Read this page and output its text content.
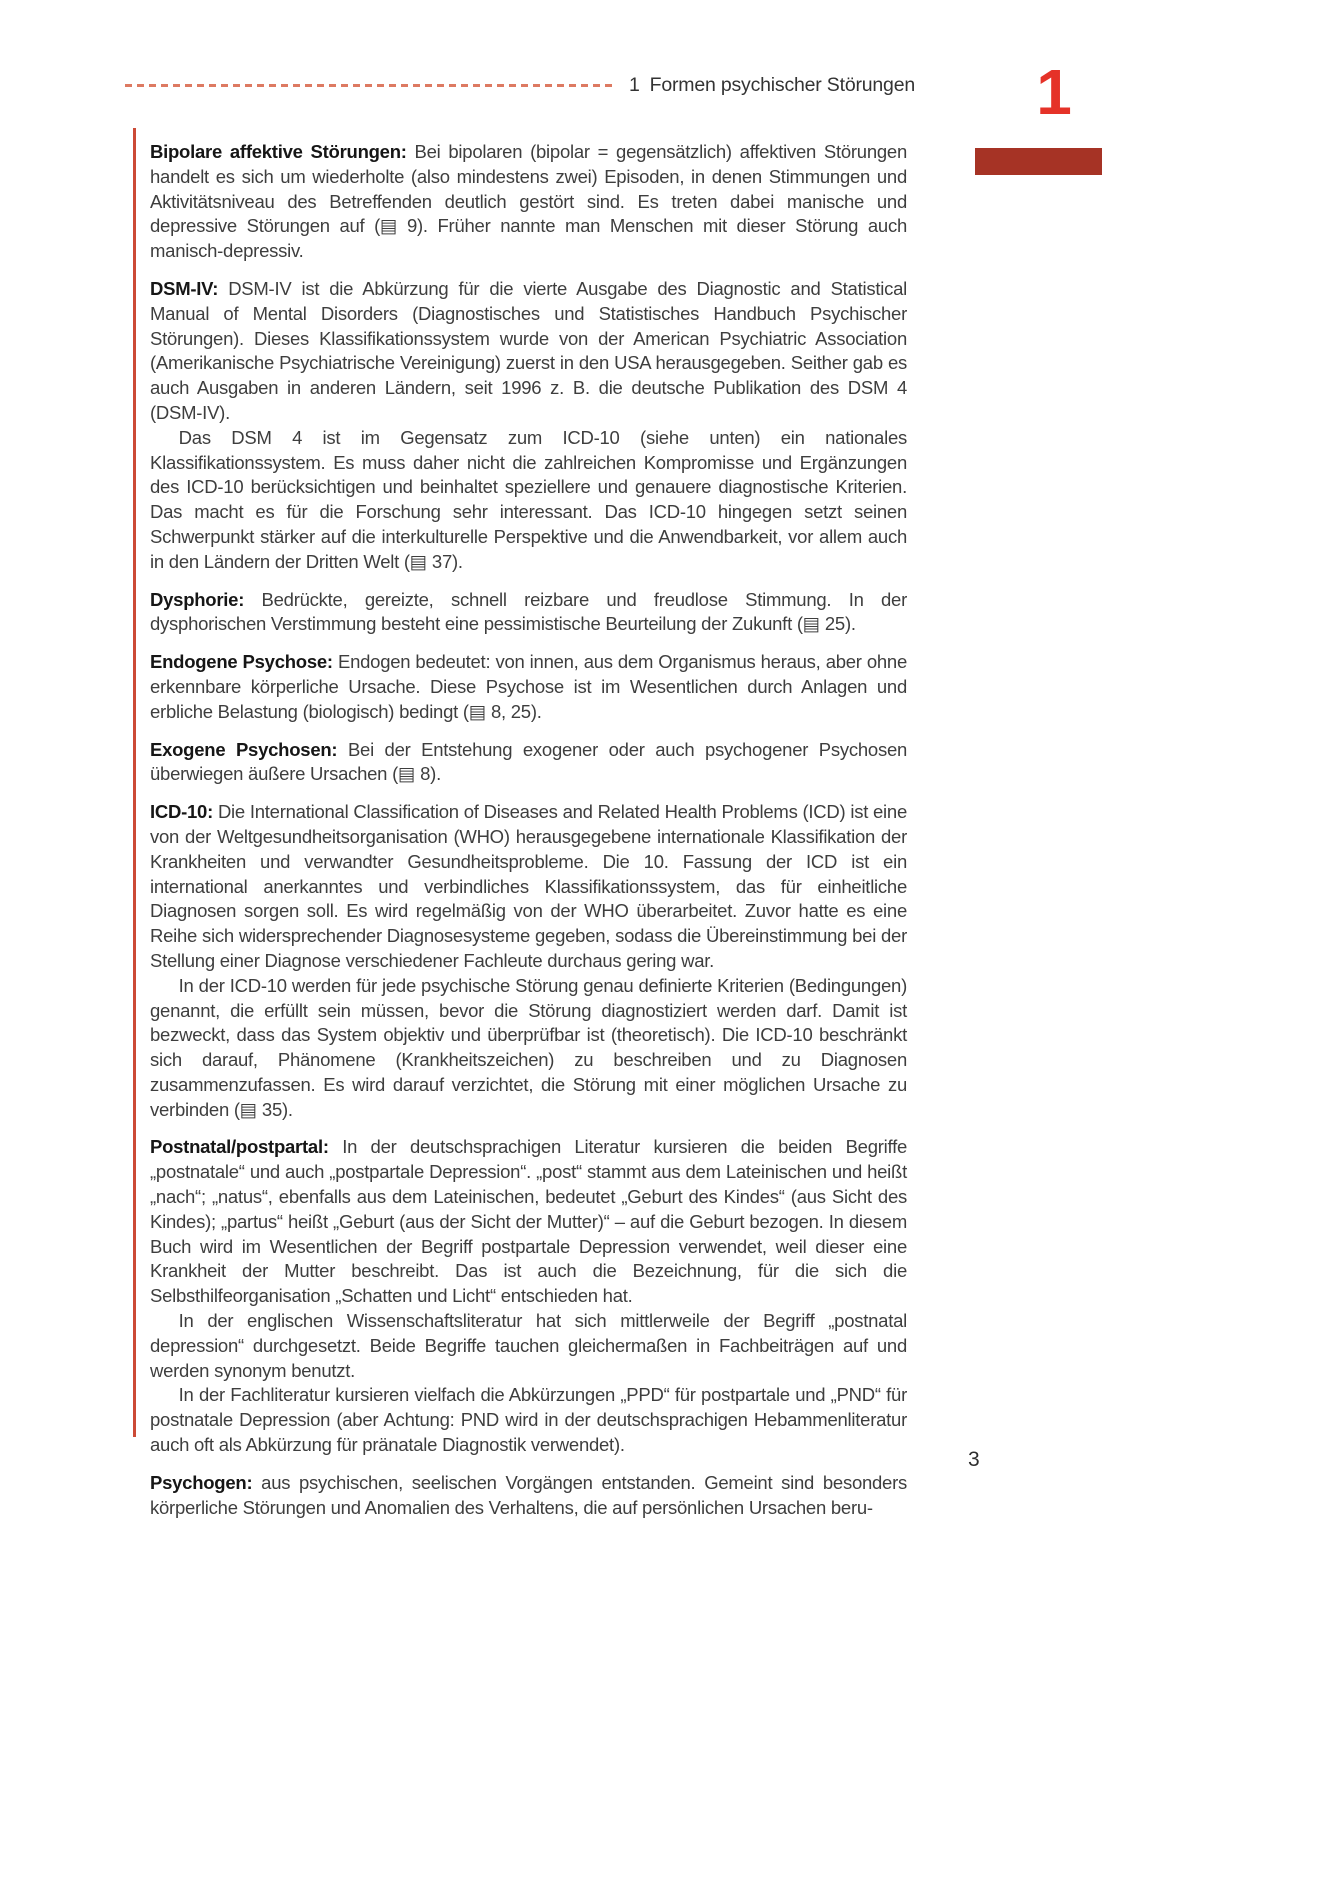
1 Formen psychischer Störungen	1

Bipolare affektive Störungen: Bei bipolaren (bipolar = gegensätzlich) affektiven Störungen handelt es sich um wiederholte (also mindestens zwei) Episoden, in denen Stimmungen und Aktivitätsniveau des Betreffenden deutlich gestört sind. Es treten dabei manische und depressive Störungen auf (▤ 9). Früher nannte man Menschen mit dieser Störung auch manisch-depressiv.

DSM-IV: DSM-IV ist die Abkürzung für die vierte Ausgabe des Diagnostic and Statistical Manual of Mental Disorders (Diagnostisches und Statistisches Handbuch Psychischer Störungen). Dieses Klassifikationssystem wurde von der American Psychiatric Association (Amerikanische Psychiatrische Vereinigung) zuerst in den USA herausgegeben. Seither gab es auch Ausgaben in anderen Ländern, seit 1996 z. B. die deutsche Publikation des DSM 4 (DSM-IV).

Das DSM 4 ist im Gegensatz zum ICD-10 (siehe unten) ein nationales Klassifikationssystem. Es muss daher nicht die zahlreichen Kompromisse und Ergänzungen des ICD-10 berücksichtigen und beinhaltet speziellere und genauere diagnostische Kriterien. Das macht es für die Forschung sehr interessant. Das ICD-10 hingegen setzt seinen Schwerpunkt stärker auf die interkulturelle Perspektive und die Anwendbarkeit, vor allem auch in den Ländern der Dritten Welt (▤ 37).

Dysphorie: Bedrückte, gereizte, schnell reizbare und freudlose Stimmung. In der dysphorischen Verstimmung besteht eine pessimistische Beurteilung der Zukunft (▤ 25).

Endogene Psychose: Endogen bedeutet: von innen, aus dem Organismus heraus, aber ohne erkennbare körperliche Ursache. Diese Psychose ist im Wesentlichen durch Anlagen und erbliche Belastung (biologisch) bedingt (▤ 8, 25).

Exogene Psychosen: Bei der Entstehung exogener oder auch psychogener Psychosen überwiegen äußere Ursachen (▤ 8).

ICD-10: Die International Classification of Diseases and Related Health Problems (ICD) ist eine von der Weltgesundheitsorganisation (WHO) herausgegebene internationale Klassifikation der Krankheiten und verwandter Gesundheitsprobleme. Die 10. Fassung der ICD ist ein international anerkanntes und verbindliches Klassifikationssystem, das für einheitliche Diagnosen sorgen soll. Es wird regelmäßig von der WHO überarbeitet. Zuvor hatte es eine Reihe sich widersprechender Diagnosesysteme gegeben, sodass die Übereinstimmung bei der Stellung einer Diagnose verschiedener Fachleute durchaus gering war.

In der ICD-10 werden für jede psychische Störung genau definierte Kriterien (Bedingungen) genannt, die erfüllt sein müssen, bevor die Störung diagnostiziert werden darf. Damit ist bezweckt, dass das System objektiv und überprüfbar ist (theoretisch). Die ICD-10 beschränkt sich darauf, Phänomene (Krankheitszeichen) zu beschreiben und zu Diagnosen zusammenzufassen. Es wird darauf verzichtet, die Störung mit einer möglichen Ursache zu verbinden (▤ 35).

Postnatal/postpartal: In der deutschsprachigen Literatur kursieren die beiden Begriffe „postnatale“ und auch „postpartale Depression“. „post“ stammt aus dem Lateinischen und heißt „nach“; „natus“, ebenfalls aus dem Lateinischen, bedeutet „Geburt des Kindes“ (aus Sicht des Kindes); „partus“ heißt „Geburt (aus der Sicht der Mutter)“ – auf die Geburt bezogen. In diesem Buch wird im Wesentlichen der Begriff postpartale Depression verwendet, weil dieser eine Krankheit der Mutter beschreibt. Das ist auch die Bezeichnung, für die sich die Selbsthilfeorganisation „Schatten und Licht“ entschieden hat.

In der englischen Wissenschaftsliteratur hat sich mittlerweile der Begriff „postnatal depression“ durchgesetzt. Beide Begriffe tauchen gleichermaßen in Fachbeiträgen auf und werden synonym benutzt.

In der Fachliteratur kursieren vielfach die Abkürzungen „PPD“ für postpartale und „PND“ für postnatale Depression (aber Achtung: PND wird in der deutschsprachigen Hebammenliteratur auch oft als Abkürzung für pränatale Diagnostik verwendet).

Psychogen: aus psychischen, seelischen Vorgängen entstanden. Gemeint sind besonders körperliche Störungen und Anomalien des Verhaltens, die auf persönlichen Ursachen beru-

3
